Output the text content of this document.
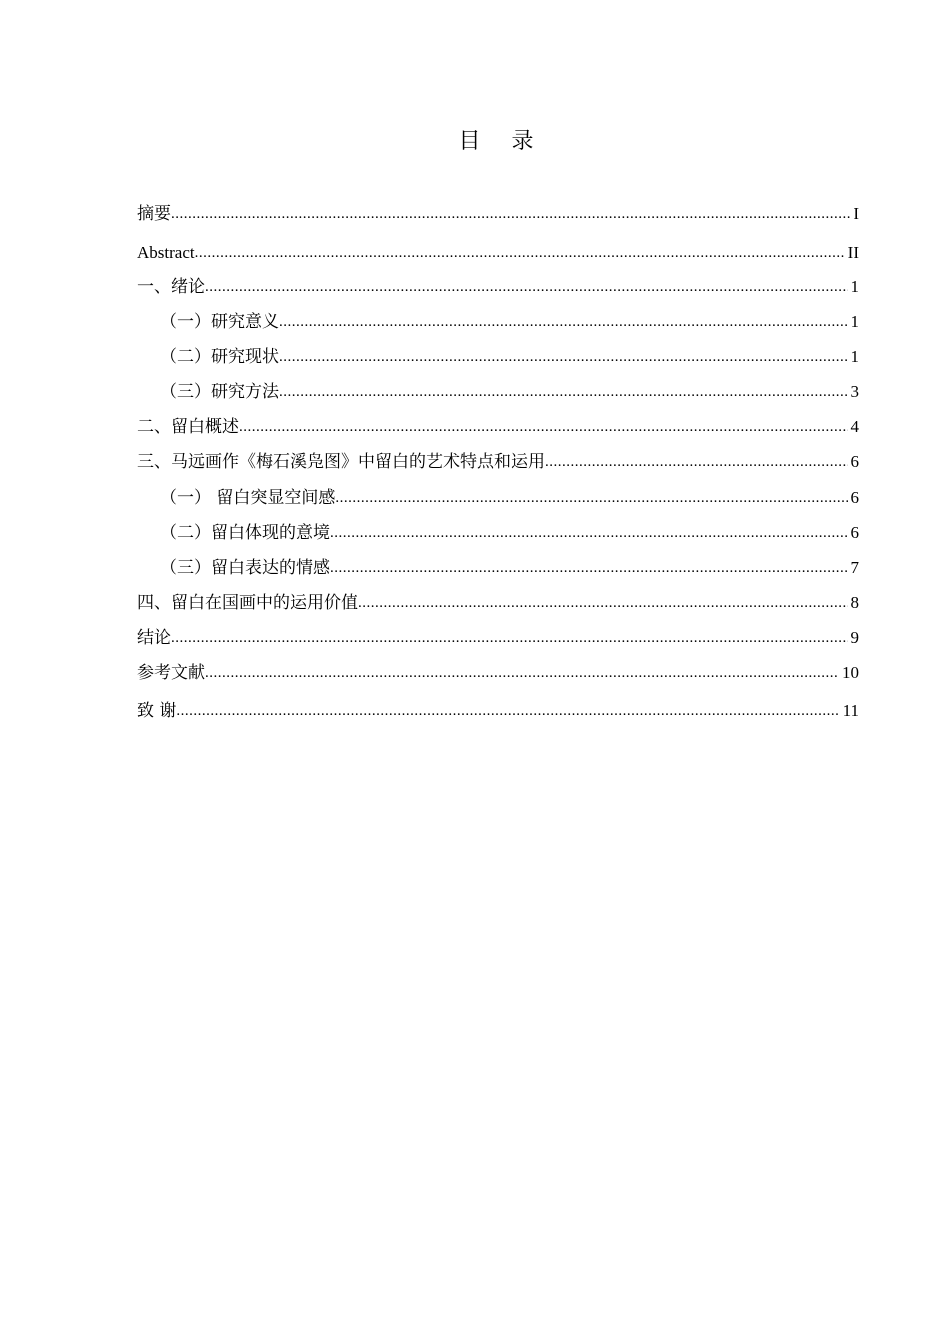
目 录
摘要 .....	I
Abstract .....	II
一、绪论 .....	1
（一）研究意义 .....	1
（二）研究现状 .....	1
（三）研究方法 .....	3
二、留白概述 .....	4
三、马远画作《梅石溪凫图》中留白的艺术特点和运用 .....	6
（一） 留白突显空间感 .....	6
（二）留白体现的意境 .....	6
（三）留白表达的情感 .....	7
四、留白在国画中的运用价值 .....	8
结论 .....	9
参考文献 .....	10
致 谢 .....	11
